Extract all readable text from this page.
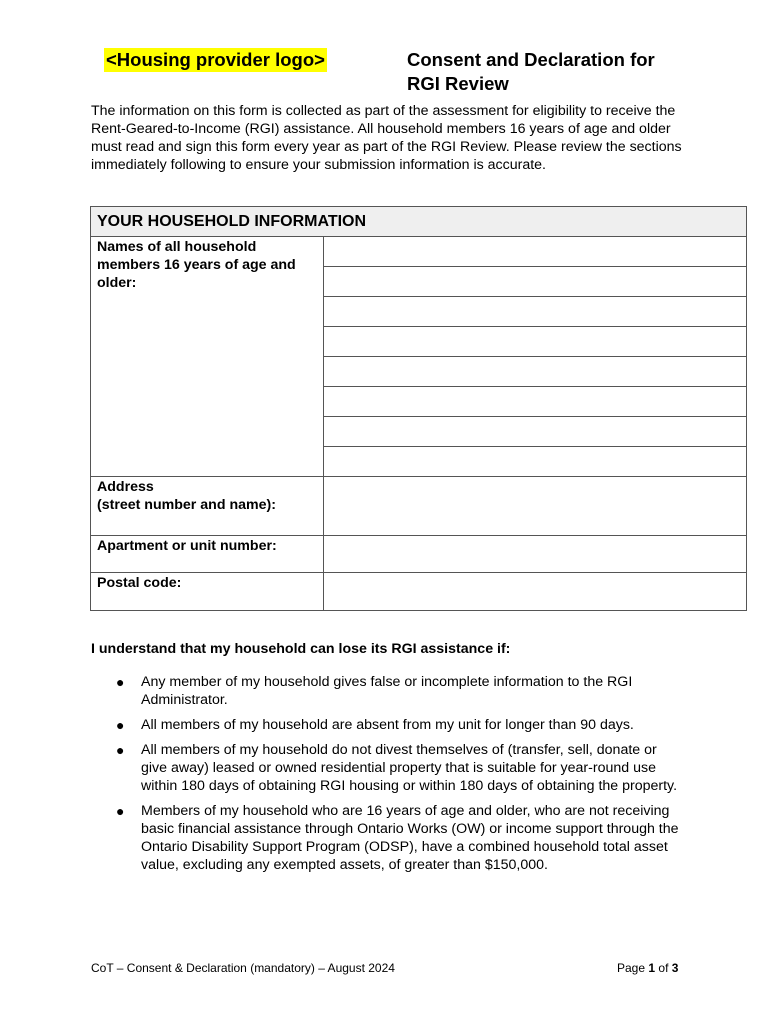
<Housing provider logo>	Consent and Declaration for
RGI Review
The information on this form is collected as part of the assessment for eligibility to receive the Rent-Geared-to-Income (RGI) assistance. All household members 16 years of age and older must read and sign this form every year as part of the RGI Review. Please review the sections immediately following to ensure your submission information is accurate.
YOUR HOUSEHOLD INFORMATION	
Names of all household members 16 years of age and older:	

Address
(street number and name):	

Apartment or unit number:	
Postal code:	
I understand that my household can lose its RGI assistance if:
● Any member of my household gives false or incomplete information to the RGI Administrator.
● All members of my household are absent from my unit for longer than 90 days.
● All members of my household do not divest themselves of (transfer, sell, donate or give away) leased or owned residential property that is suitable for year-round use within 180 days of obtaining RGI housing or within 180 days of obtaining the property.
● Members of my household who are 16 years of age and older, who are not receiving basic financial assistance through Ontario Works (OW) or income support through the Ontario Disability Support Program (ODSP), have a combined household total asset value, excluding any exempted assets, of greater than $150,000.
CoT – Consent & Declaration (mandatory) – August 2024	Page 1 of 3
